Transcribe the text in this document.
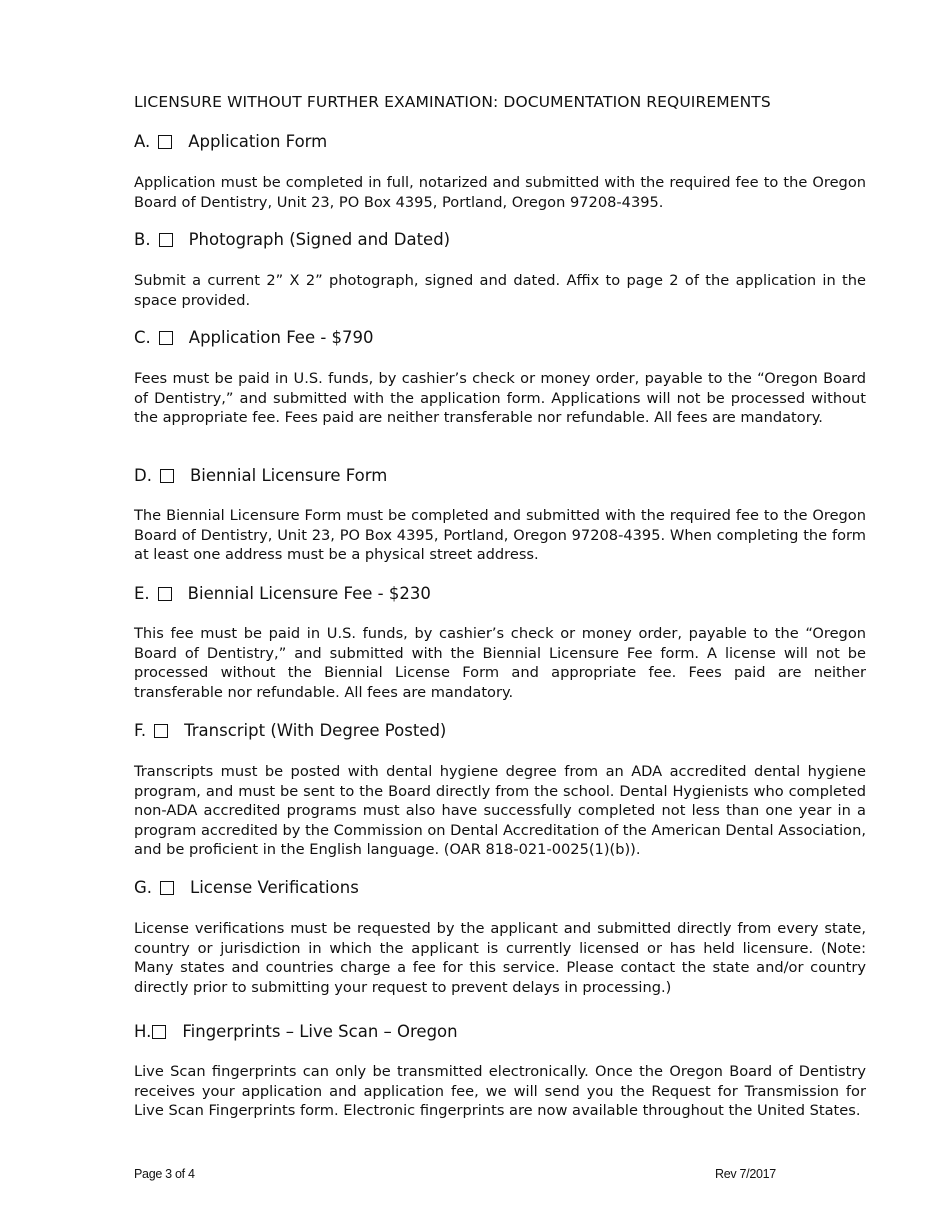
LICENSURE WITHOUT FURTHER EXAMINATION: DOCUMENTATION REQUIREMENTS
A. Application Form
Application must be completed in full, notarized and submitted with the required fee to the Oregon Board of Dentistry, Unit 23, PO Box 4395, Portland, Oregon 97208-4395.
B. Photograph (Signed and Dated)
Submit a current 2” X 2” photograph, signed and dated. Affix to page 2 of the application in the space provided.
C. Application Fee - $790
Fees must be paid in U.S. funds, by cashier’s check or money order, payable to the “Oregon Board of Dentistry,” and submitted with the application form. Applications will not be processed without the appropriate fee. Fees paid are neither transferable nor refundable. All fees are mandatory.
D. Biennial Licensure Form
The Biennial Licensure Form must be completed and submitted with the required fee to the Oregon Board of Dentistry, Unit 23, PO Box 4395, Portland, Oregon 97208-4395. When completing the form at least one address must be a physical street address.
E. Biennial Licensure Fee - $230
This fee must be paid in U.S. funds, by cashier’s check or money order, payable to the “Oregon Board of Dentistry,” and submitted with the Biennial Licensure Fee form. A license will not be processed without the Biennial License Form and appropriate fee. Fees paid are neither transferable nor refundable. All fees are mandatory.
F. Transcript (With Degree Posted)
Transcripts must be posted with dental hygiene degree from an ADA accredited dental hygiene program, and must be sent to the Board directly from the school. Dental Hygienists who completed non-ADA accredited programs must also have successfully completed not less than one year in a program accredited by the Commission on Dental Accreditation of the American Dental Association, and be proficient in the English language. (OAR 818-021-0025(1)(b)).
G. License Verifications
License verifications must be requested by the applicant and submitted directly from every state, country or jurisdiction in which the applicant is currently licensed or has held licensure. (Note: Many states and countries charge a fee for this service. Please contact the state and/or country directly prior to submitting your request to prevent delays in processing.)
H. Fingerprints – Live Scan – Oregon
Live Scan fingerprints can only be transmitted electronically. Once the Oregon Board of Dentistry receives your application and application fee, we will send you the Request for Transmission for Live Scan Fingerprints form. Electronic fingerprints are now available throughout the United States.
Page 3 of 4	Rev 7/2017
